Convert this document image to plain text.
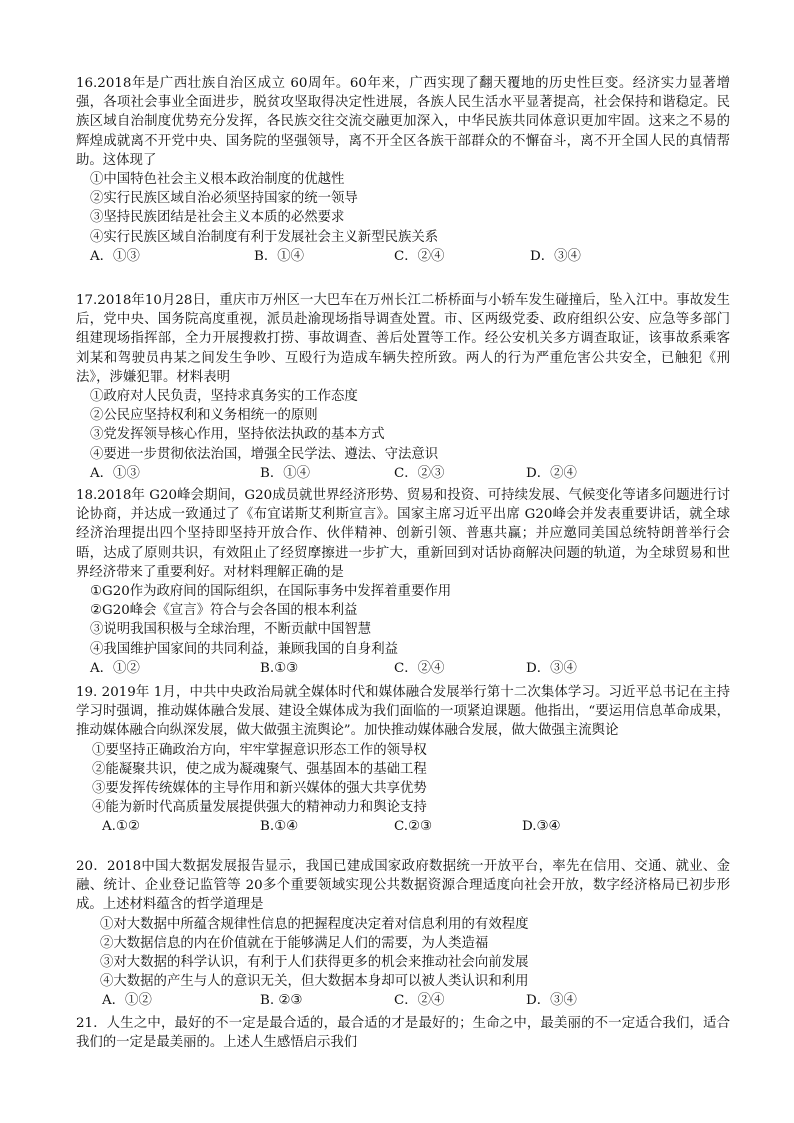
16.2018年是广西壮族自治区成立 60周年。60年来，广西实现了翻天覆地的历史性巨变。经济实力显著增强，各项社会事业全面进步，脱贫攻坚取得决定性进展，各族人民生活水平显著提高，社会保持和谐稳定。民族区域自治制度优势充分发挥，各民族交往交流交融更加深入，中华民族共同体意识更加牢固。这来之不易的辉煌成就离不开党中央、国务院的坚强领导，离不开全区各族干部群众的不懈奋斗，离不开全国人民的真情帮助。这体现了
①中国特色社会主义根本政治制度的优越性
②实行民族区域自治必须坚持国家的统一领导
③坚持民族团结是社会主义本质的必然要求
④实行民族区域自治制度有利于发展社会主义新型民族关系
A．①③	B．①④	C．②④	D．③④
17.2018年10月28日，重庆市万州区一大巴车在万州长江二桥桥面与小轿车发生碰撞后，坠入江中。事故发生后，党中央、国务院高度重视，派员赴渝现场指导调查处置。市、区两级党委、政府组织公安、应急等多部门组建现场指挥部，全力开展搜救打捞、事故调查、善后处置等工作。经公安机关多方调查取证，该事故系乘客刘某和驾驶员冉某之间发生争吵、互殴行为造成车辆失控所致。两人的行为严重危害公共安全，已触犯《刑法》，涉嫌犯罪。材料表明
①政府对人民负责，坚持求真务实的工作态度
②公民应坚持权利和义务相统一的原则
③党发挥领导核心作用，坚持依法执政的基本方式
④要进一步贯彻依法治国，增强全民学法、遵法、守法意识
A．①③	B．①④	C．②③	D．②④
18.2018年 G20峰会期间，G20成员就世界经济形势、贸易和投资、可持续发展、气候变化等诸多问题进行讨论协商，并达成一致通过了《布宜诺斯艾利斯宣言》。国家主席习近平出席 G20峰会并发表重要讲话，就全球经济治理提出四个坚持即坚持开放合作、伙伴精神、创新引领、普惠共赢；并应邀同美国总统特朗普举行会晤，达成了原则共识，有效阻止了经贸摩擦进一步扩大，重新回到对话协商解决问题的轨道，为全球贸易和世界经济带来了重要利好。对材料理解正确的是
①G20作为政府间的国际组织，在国际事务中发挥着重要作用
②G20峰会《宣言》符合与会各国的根本利益
③说明我国积极与全球治理，不断贡献中国智慧
④我国维护国家间的共同利益，兼顾我国的自身利益
A．①②	B.①③	C．②④	D．③④
19. 2019年 1月，中共中央政治局就全媒体时代和媒体融合发展举行第十二次集体学习。习近平总书记在主持学习时强调，推动媒体融合发展、建设全媒体成为我们面临的一项紧迫课题。他指出，“要运用信息革命成果，推动媒体融合向纵深发展，做大做强主流舆论”。加快推动媒体融合发展，做大做强主流舆论
①要坚持正确政治方向，牢牢掌握意识形态工作的领导权
②能凝聚共识，使之成为凝魂聚气、强基固本的基础工程
③要发挥传统媒体的主导作用和新兴媒体的强大共享优势
④能为新时代高质量发展提供强大的精神动力和舆论支持
A.①②	B.①④	C.②③	D.③④
20．2018中国大数据发展报告显示，我国已建成国家政府数据统一开放平台，率先在信用、交通、就业、金融、统计、企业登记监管等 20多个重要领域实现公共数据资源合理适度向社会开放，数字经济格局已初步形成。上述材料蕴含的哲学道理是
①对大数据中所蕴含规律性信息的把握程度决定着对信息利用的有效程度
②大数据信息的内在价值就在于能够满足人们的需要，为人类造福
③对大数据的科学认识，有利于人们获得更多的机会来推动社会向前发展
④大数据的产生与人的意识无关，但大数据本身却可以被人类认识和利用
A．①②	B. ②③	C．②④	D．③④
21．人生之中，最好的不一定是最合适的，最合适的才是最好的；生命之中，最美丽的不一定适合我们，适合我们的一定是最美丽的。上述人生感悟启示我们
